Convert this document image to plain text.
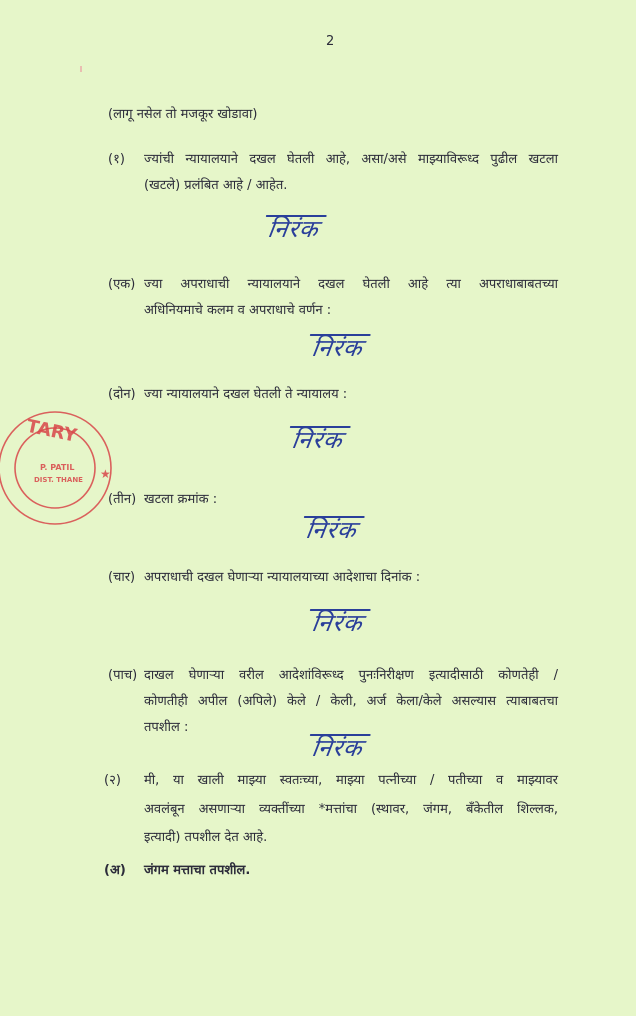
2
(लागू नसेल तो मजकूर खोडावा)
(१) ज्यांची न्यायालयाने दखल घेतली आहे, असा/असे माझ्याविरूध्द पुढील खटला
(खटले) प्रलंबित आहे / आहेत.
निरंक
(एक) ज्या अपराधाची न्यायालयाने दखल घेतली आहे त्या अपराधाबाबतच्या
अधिनियमाचे कलम व अपराधाचे वर्णन :
निरंक
(दोन) ज्या न्यायालयाने दखल घेतली ते न्यायालय :
निरंक
(तीन) खटला क्रमांक :
निरंक
(चार) अपराधाची दखल घेणाऱ्या न्यायालयाच्या आदेशाचा दिनांक :
निरंक
(पाच) दाखल घेणाऱ्या वरील आदेशांविरूध्द पुनःनिरीक्षण इत्यादीसाठी कोणतेही /
कोणतीही अपील (अपिले) केले / केली, अर्ज केला/केले असल्यास त्याबाबतचा
तपशील :
निरंक
(२) मी, या खाली माझ्या स्वतःच्या, माझ्या पत्नीच्या / पतीच्या व माझ्यावर
अवलंबून असणाऱ्या व्यक्तींच्या *मत्तांचा (स्थावर, जंगम, बँकेतील शिल्लक,
इत्यादी) तपशील देत आहे.
(अ) जंगम मत्ताचा तपशील.
TARY
P. PATIL
DIST. THANE ★
